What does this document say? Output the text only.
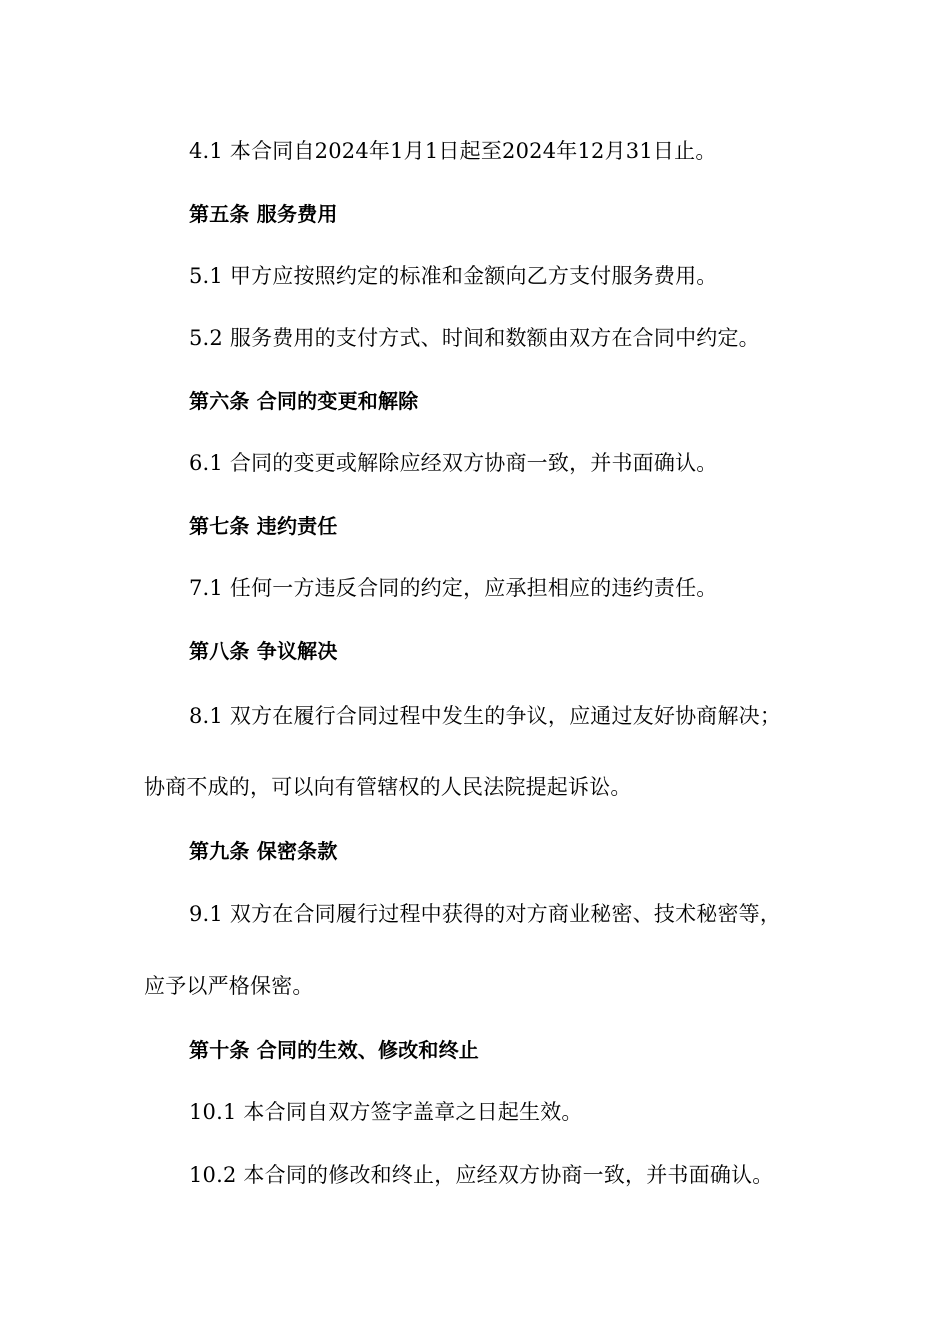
4.1 本合同自2024年1月1日起至2024年12月31日止。

第五条 服务费用

5.1 甲方应按照约定的标准和金额向乙方支付服务费用。

5.2 服务费用的支付方式、时间和数额由双方在合同中约定。

第六条 合同的变更和解除

6.1 合同的变更或解除应经双方协商一致，并书面确认。

第七条 违约责任

7.1 任何一方违反合同的约定，应承担相应的违约责任。

第八条 争议解决

8.1 双方在履行合同过程中发生的争议，应通过友好协商解决；

协商不成的，可以向有管辖权的人民法院提起诉讼。

第九条 保密条款

9.1 双方在合同履行过程中获得的对方商业秘密、技术秘密等，

应予以严格保密。

第十条 合同的生效、修改和终止

10.1 本合同自双方签字盖章之日起生效。

10.2 本合同的修改和终止，应经双方协商一致，并书面确认。
